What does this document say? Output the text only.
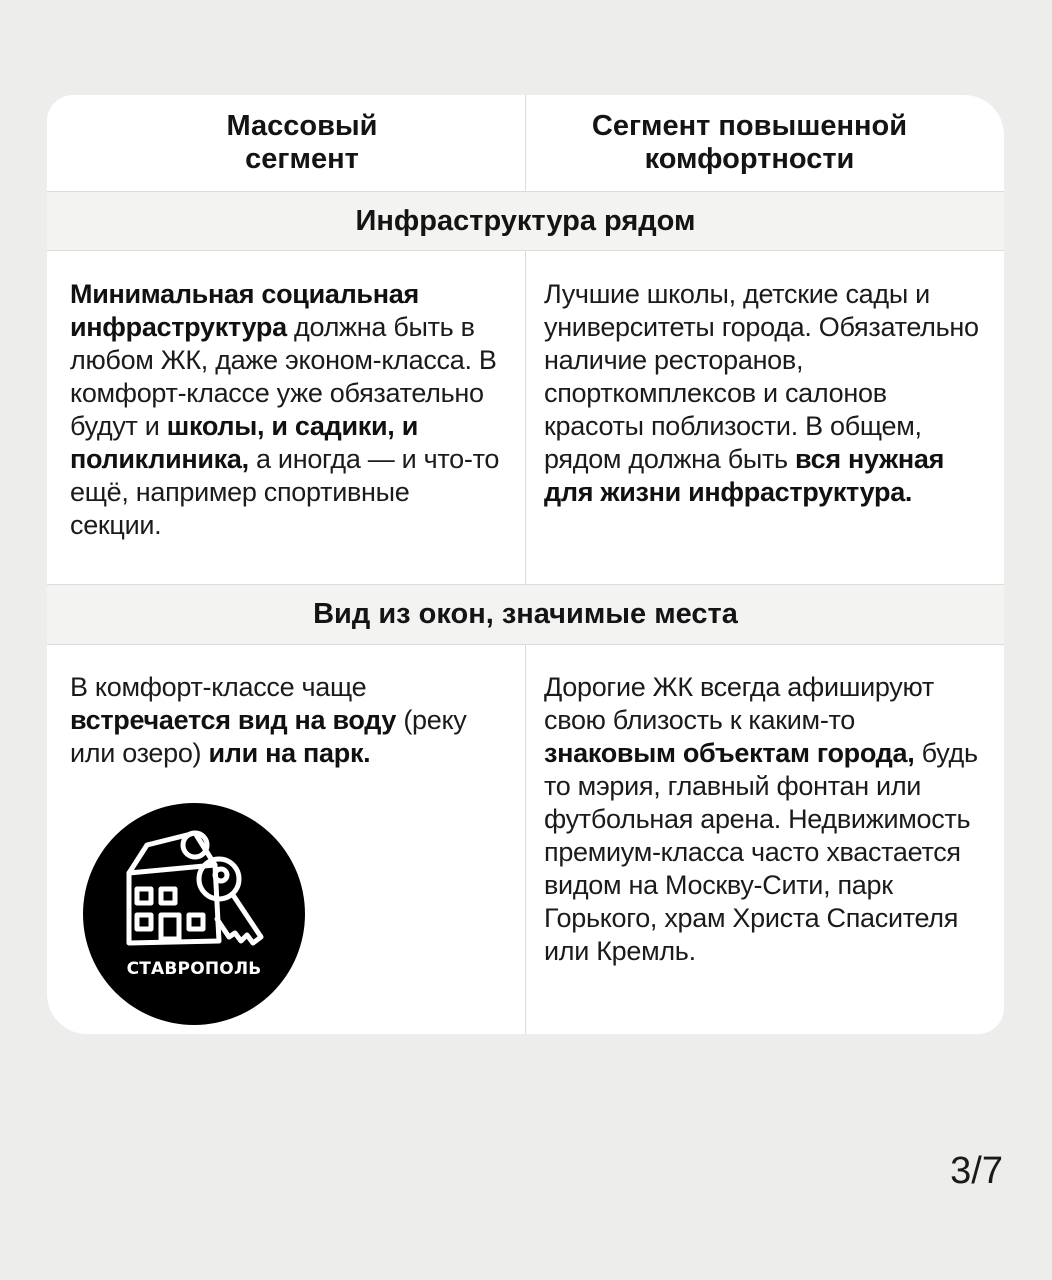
Массовый сегмент
Сегмент повышенной комфортности
Инфраструктура рядом
Минимальная социальная инфраструктура должна быть в любом ЖК, даже эконом-класса. В комфорт-классе уже обязательно будут и школы, и садики, и поликлиника, а иногда — и что-то ещё, например спортивные секции.
Лучшие школы, детские сады и университеты города. Обязательно наличие ресторанов, спорткомплексов и салонов красоты поблизости. В общем, рядом должна быть вся нужная для жизни инфраструктура.
Вид из окон, значимые места
В комфорт-классе чаще встречается вид на воду (реку или озеро) или на парк.
Дорогие ЖК всегда афишируют свою близость к каким-то знаковым объектам города, будь то мэрия, главный фонтан или футбольная арена. Недвижимость премиум-класса часто хвастается видом на Москву-Сити, парк Горького, храм Христа Спасителя или Кремль.
СТАВРОПОЛЬ
3/7
